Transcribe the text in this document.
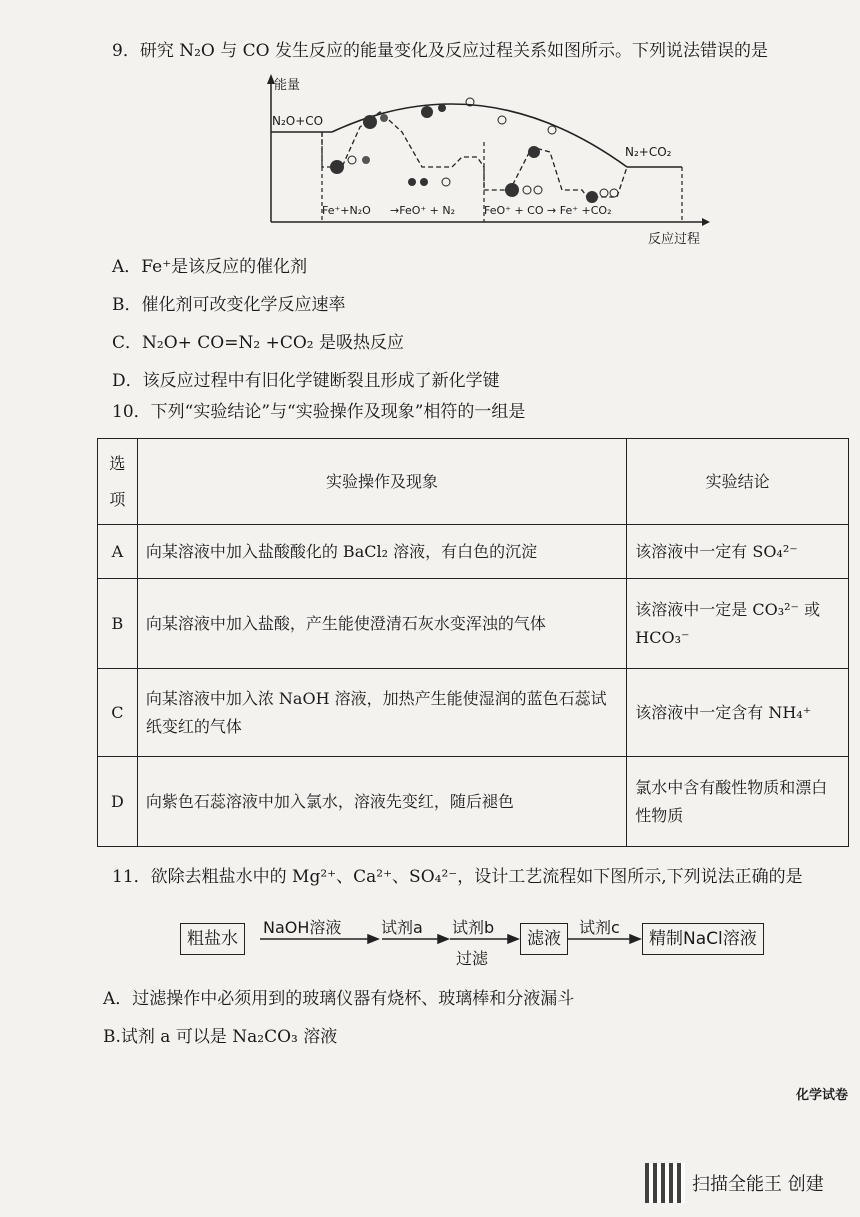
9．研究 N₂O 与 CO 发生反应的能量变化及反应过程关系如图所示。下列说法错误的是
能量
N₂O+CO
N₂+CO₂
Fe⁺+N₂O →FeO⁺ + N₂	FeO⁺ + CO → Fe⁺ +CO₂
反应过程
A．Fe⁺是该反应的催化剂
B．催化剂可改变化学反应速率
C．N₂O+ CO=N₂ +CO₂ 是吸热反应
D．该反应过程中有旧化学键断裂且形成了新化学键
10．下列“实验结论”与“实验操作及现象”相符的一组是
选项	实验操作及现象	实验结论
A	向某溶液中加入盐酸酸化的 BaCl₂ 溶液，有白色的沉淀	该溶液中一定有 SO₄²⁻
B	向某溶液中加入盐酸，产生能使澄清石灰水变浑浊的气体	该溶液中一定是 CO₃²⁻ 或 HCO₃⁻
C	向某溶液中加入浓 NaOH 溶液，加热产生能使湿润的蓝色石蕊试纸变红的气体	该溶液中一定含有 NH₄⁺
D	向紫色石蕊溶液中加入氯水，溶液先变红，随后褪色	氯水中含有酸性物质和漂白性物质
11．欲除去粗盐水中的 Mg²⁺、Ca²⁺、SO₄²⁻，设计工艺流程如下图所示,下列说法正确的是
粗盐水
NaOH溶液 试剂a 试剂b
过滤
滤液
试剂c
精制NaCl溶液
A．过滤操作中必须用到的玻璃仪器有烧杯、玻璃棒和分液漏斗
B.试剂 a 可以是 Na₂CO₃ 溶液
化学试卷
扫描全能王 创建
